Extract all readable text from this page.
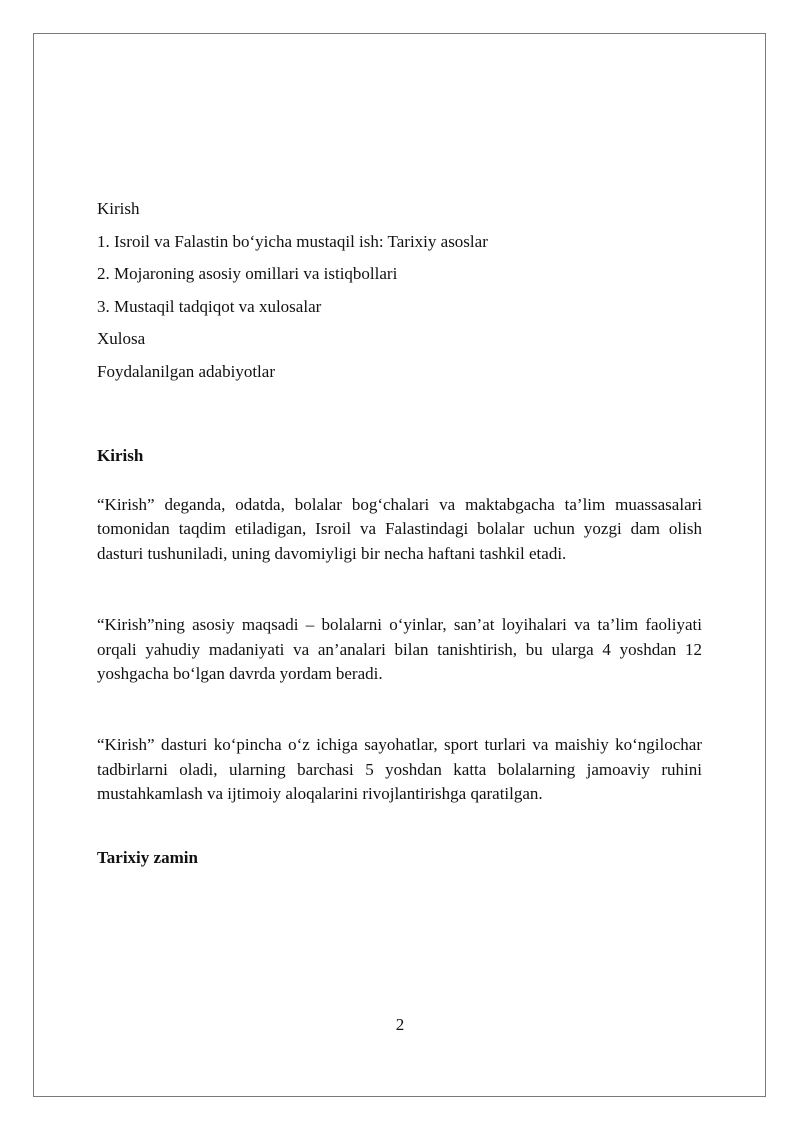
Kirish
1. Isroil va Falastin bo‘yicha mustaqil ish: Tarixiy asoslar
2. Mojaroning asosiy omillari va istiqbollari
3. Mustaqil tadqiqot va xulosalar
Xulosa
Foydalanilgan adabiyotlar
Kirish

“Kirish” deganda, odatda, bolalar bog‘chalari va maktabgacha ta’lim muassasalari tomonidan taqdim etiladigan, Isroil va Falastindagi bolalar uchun yozgi dam olish dasturi tushuniladi, uning davomiyligi bir necha haftani tashkil etadi.

“Kirish”ning asosiy maqsadi – bolalarni o‘yinlar, san’at loyihalari va ta’lim faoliyati orqali yahudiy madaniyati va an’analari bilan tanishtirish, bu ularga 4 yoshdan 12 yoshgacha bo‘lgan davrda yordam beradi.

“Kirish” dasturi ko‘pincha o‘z ichiga sayohatlar, sport turlari va maishiy ko‘ngilochar tadbirlarni oladi, ularning barchasi 5 yoshdan katta bolalarning jamoaviy ruhini mustahkamlash va ijtimoiy aloqalarini rivojlantirishga qaratilgan.

Tarixiy zamin
2
